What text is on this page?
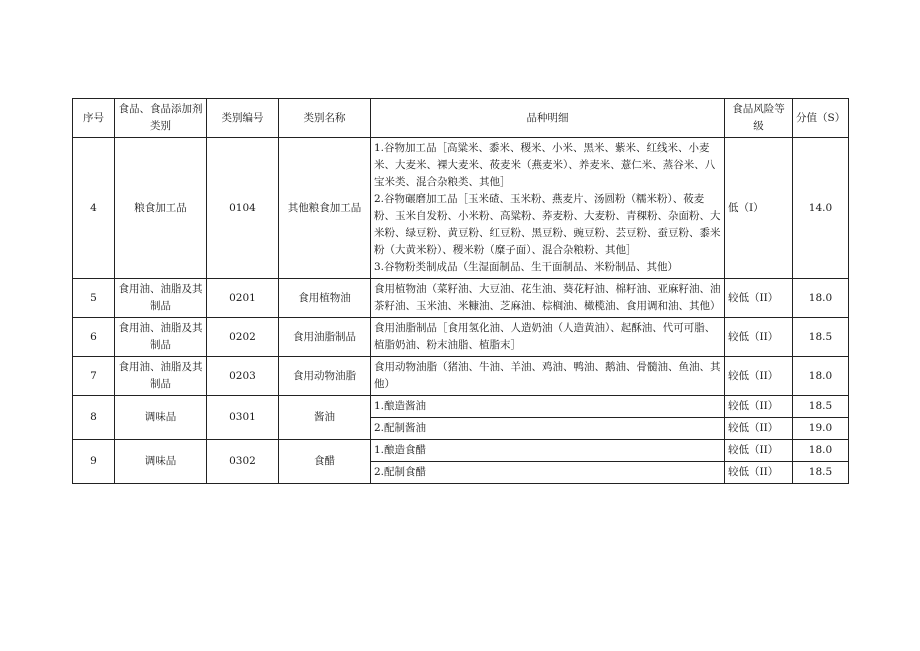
序号	食品、食品添加剂类别	类别编号	类别名称	品种明细	食品风险等级	分值（S）
4	粮食加工品	0104	其他粮食加工品	1.谷物加工品［高粱米、黍米、稷米、小米、黑米、紫米、红线米、小麦米、大麦米、裸大麦米、莜麦米（燕麦米）、养麦米、薏仁米、蒸谷米、八宝米类、混合杂粮类、其他］
2.谷物碾磨加工品［玉米碴、玉米粉、燕麦片、汤圆粉（糯米粉）、莜麦粉、玉米自发粉、小米粉、高粱粉、荞麦粉、大麦粉、青稞粉、杂面粉、大米粉、绿豆粉、黄豆粉、红豆粉、黑豆粉、豌豆粉、芸豆粉、蚕豆粉、黍米粉（大黄米粉）、稷米粉（糜子面）、混合杂粮粉、其他］
3.谷物粉类制成品（生湿面制品、生干面制品、米粉制品、其他）	低（I）	14.0
5	食用油、油脂及其制品	0201	食用植物油	食用植物油（菜籽油、大豆油、花生油、葵花籽油、棉籽油、亚麻籽油、油茶籽油、玉米油、米糠油、芝麻油、棕榈油、橄榄油、食用调和油、其他）	较低（II）	18.0
6	食用油、油脂及其制品	0202	食用油脂制品	食用油脂制品［食用氢化油、人造奶油（人造黄油）、起酥油、代可可脂、植脂奶油、粉末油脂、植脂末］	较低（II）	18.5
7	食用油、油脂及其制品	0203	食用动物油脂	食用动物油脂（猪油、牛油、羊油、鸡油、鸭油、鹅油、骨髓油、鱼油、其他）	较低（II）	18.0
8	调味品	0301	酱油	1.酿造酱油	较低（II）	18.5

				2.配制酱油	较低（II）	19.0
9	调味品	0302	食醋	1.酿造食醋	较低（II）	18.0

				2.配制食醋	较低（II）	18.5
